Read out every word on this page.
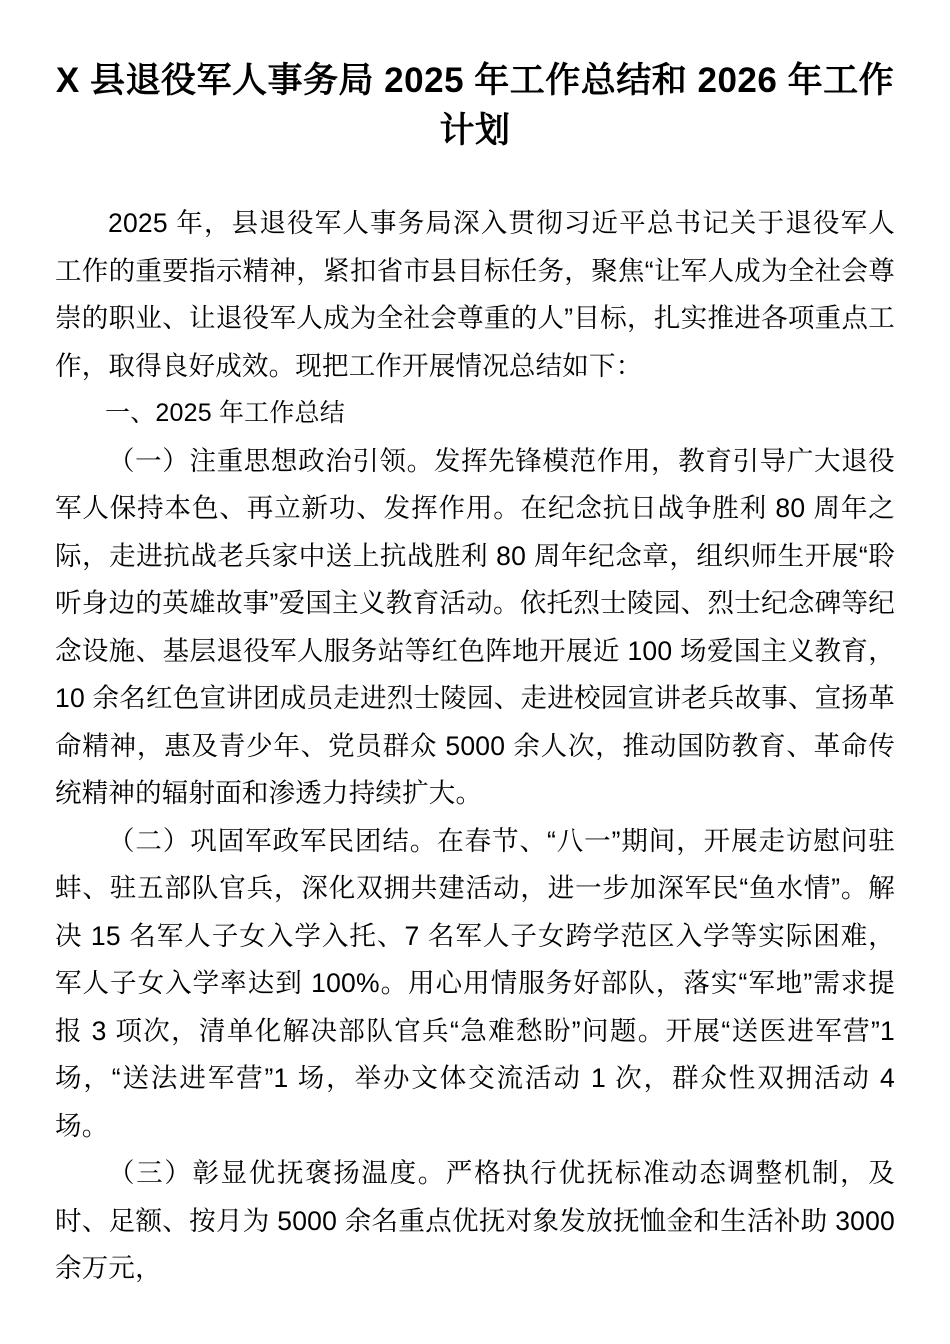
X 县退役军人事务局 2025 年工作总结和 2026 年工作计划

2025 年，县退役军人事务局深入贯彻习近平总书记关于退役军人工作的重要指示精神，紧扣省市县目标任务，聚焦“让军人成为全社会尊崇的职业、让退役军人成为全社会尊重的人”目标，扎实推进各项重点工作，取得良好成效。现把工作开展情况总结如下：

一、2025 年工作总结

（一）注重思想政治引领。发挥先锋模范作用，教育引导广大退役军人保持本色、再立新功、发挥作用。在纪念抗日战争胜利 80 周年之际，走进抗战老兵家中送上抗战胜利 80 周年纪念章，组织师生开展“聆听身边的英雄故事”爱国主义教育活动。依托烈士陵园、烈士纪念碑等纪念设施、基层退役军人服务站等红色阵地开展近 100 场爱国主义教育，10 余名红色宣讲团成员走进烈士陵园、走进校园宣讲老兵故事、宣扬革命精神，惠及青少年、党员群众 5000 余人次，推动国防教育、革命传统精神的辐射面和渗透力持续扩大。

（二）巩固军政军民团结。在春节、“八一”期间，开展走访慰问驻蚌、驻五部队官兵，深化双拥共建活动，进一步加深军民“鱼水情”。解决 15 名军人子女入学入托、7 名军人子女跨学范区入学等实际困难，军人子女入学率达到 100%。用心用情服务好部队，落实“军地”需求提报 3 项次，清单化解决部队官兵“急难愁盼”问题。开展“送医进军营”1 场，“送法进军营”1 场，举办文体交流活动 1 次，群众性双拥活动 4 场。

（三）彰显优抚褒扬温度。严格执行优抚标准动态调整机制，及时、足额、按月为 5000 余名重点优抚对象发放抚恤金和生活补助 3000 余万元，
